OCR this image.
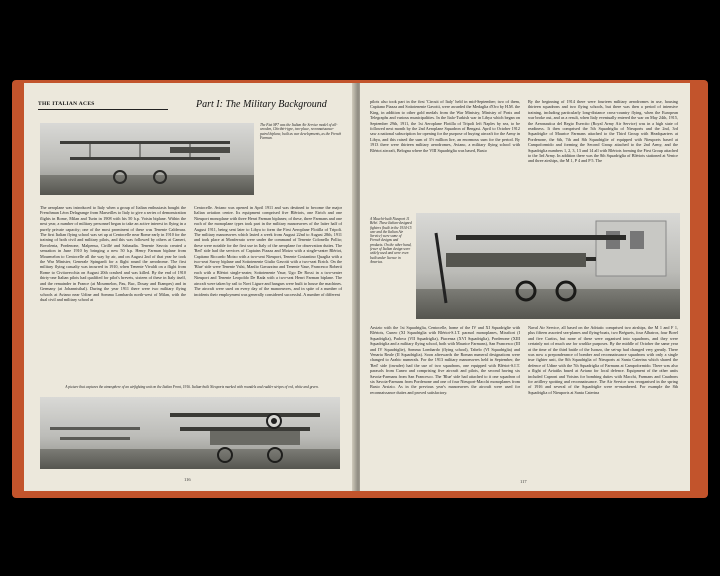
THE ITALIAN ACES	Part I: The Military Background

The Fiat SP7 was the Italian Air Service model of all-wooden, Chiribiri-type, two-place, reconnaissance-patrol biplane, built as war developments, as the French Farman.

The aeroplane was introduced to Italy when a group of Italian enthusiasts bought the Frenchman Léon Delagrange from Marseilles to Italy to give a series of demonstration flights in Rome, Milan and Turin in 1908 with his 50 h.p. Voisin biplane. Within the next year, a number of military personnel began to take an active interest in flying in a purely private capacity; one of the most prominent of these was Tenente Calderara. The first Italian flying school was set up at Centocelle near Rome early in 1910 for the training of both civil and military pilots, and this was followed by others at Cameri, Bovolenta, Pordenone, Malpensa, Cirillé and Sabaudia. Tenente Savoia created a sensation in June 1910 by bringing a new 50 h.p. Henry Farman biplane from Mourmelon to Centocelle all the way by air, and on August 2nd of that year he took the War Minister, Generale Spingardi for a flight round the aerodrome. The first military flying casualty was incurred in 1910, when Tenente Vivaldi on a flight from Rome to Civitavecchia on August 20th crashed and was killed. By the end of 1910 thirty-one Italian pilots had qualified for pilot's brevets, sixteen of these in Italy itself, and the remainder in France (at Mourmelon, Pau, Buc, Douay and Etampes) and in Germany (at Johannisthal). During the year 1911 there were two military flying schools at Aviano near Udine and Somma Lombarda north-west of Milan, with the dual civil and military school at

Centocelle. Aviano was opened in April 1911 and was destined to become the major Italian aviation centre. Its equipment comprised five Blériots, one Etrich and one Nieuport monoplane with three Henri Farman biplanes; of these, three Farmans and one each of the monoplane types took part in the military manoeuvres of the latter half of August 1911, being sent later to Libya to form the First Aeroplane Flotilla of Tripoli. The military manoeuvres which lasted a week from August 22nd to August 28th, 1911 and took place at Monferrato were under the command of Tenente Colonello Pollio; these were notable for the first use in Italy of the aeroplane for observation duties. The 'Red' side had the services of Captains Piazza and Moizo with a single-seater Blériot, Capitano Riccardo Moizo with a two-seat Nieuport, Tenente Costantino Quaglia with a two-seat Savoy biplane and Sottotenente Giulio Gavotti with a two-seat Etrich. On the 'Blue' side were Tenente Valsi, Manlio Gavazzino and Tenente Vaue, Francesco Roberti each with a Blériot single-seater, Sottotenente Vaue, Ugo De Rossi in a two-seater Nieuport and Tenente Leopoldo De Rada with a two-seat Henri Farman biplane. The aircraft were taken by rail to Novi Ligure and hangars were built to house the machines. The aircraft were used on every day of the manoeuvres, and in spite of a number of incidents their employment was generally considered successful. A number of different

A picture that captures the atmosphere of an airfighting unit on the Italian Front, 1916. Italian-built Nieuports marked with roundels and rudder stripes of red, white and green.

116

pilots also took part in the first 'Circuit of Italy' held in mid-September; two of them, Capitano Piazza and Sottotenente Gavotti, were awarded the Medaglia d'Oro by H.M. the King, in addition to other gold medals from the War Ministry, Ministry of Posts and Telegraphs and various municipalities. In the Italo-Turkish war in Libya which began on September 29th, 1911, the 1st Aeroplane Flotilla of Tripoli left Naples by sea, to be followed next month by the 2nd Aeroplane Squadron of Bengasi. April to October 1912 saw a national subscription for opening for the purpose of buying aircraft for the Army in Libya, and this raised the sum of 3½ million lire, an enormous sum for the period. By 1913 there were thirteen military aerodromes, Aviano, a military flying school with Blériot aircraft, Belogna where the VIII Squadriglia was based, Busto

By the beginning of 1914 there were fourteen military aerodromes in use, housing thirteen squadrons and two flying schools, but there was then a period of intensive training, including particularly long-distance cross-country flying, when the European war broke out, and as a result, when Italy eventually entered the war on May 24th, 1915, the Aeronautica del Regio Esercito (Royal Army Air Service) was in a high state of readiness. It then comprised the 5th Squadriglia of Nieuports and the 2nd, 3rd Squadriglie of Maurice Farmans attached to the Third Group with Headquarters at Pordenone, the 6th, 7th and 8th Squadriglie of equipped with Nieuports based at Campoformido and forming the Second Group attached to the 2nd Army, and the Squadriglia numbers 1, 2, 3, 13 and 14 all with Blériots forming the First Group attached to the 3rd Army. In addition there was the 8th Squadriglia of Blériots stationed at Venice and three airships, the M 1, P 4 and P 5. The

A Macchi-built Nieuport 11 Bébé. These Italian-designed fighters (built in the 1914-15 war and the Italian Air Service) were some of French designs and products. On the other hand, fewer of Italian design were widely used and were even built under licence in America.

Arsizio with the 1st Squadriglia, Centocelle, home of the IV and XI Squadriglie with Blériots, Cuneo (XI Squadriglia with Blériot-S.I.T. parasol monoplanes, Mirafiori (I Squadriglia), Padova (VII Squadriglia), Piacenza (XVI Squadriglia), Pordenone (XIII Squadriglia and a military flying school, both with Maurice Farmans), San Francesco (III and IV Squadriglie), Somma Lombardo (flying school), Tabelo (VI Squadriglia) and Venaria Reale (II Squadriglia). Soon afterwards the Roman numeral designations were changed to Arabic numerals. For the 1913 military manoeuvres held in September, the 'Red' side (invader) had the use of two squadrons, one equipped with Blériot-S.I.T. parasols from Cuneo and comprising five aircraft and pilots, the second having six Savoia-Farmans from San Francesco. The 'Blue' side had attached to it one squadron of six Savoia-Farmans from Pordenone and one of four Nieuport-Macchi monoplanes from Busto Arsizio. As in the previous year's manoeuvres the aircraft were used for reconnaissance duties and proved satisfactory.

Naval Air Service, all based on the Adriatic comprised two airships, the M 1 and F 1, plus fifteen assorted sea-planes and flying-boats, two Bréguets, four Albatros, four Borel and five Curtiss, but none of these were organised into squadrons, and they were certainly not of much use for warlike purposes. By the middle of October the same year at the time of the third battle of the Isonzo, the set-up had changed very greatly. There was now a preponderance of bomber and reconnaissance squadrons with only a single true fighter unit, the 8th Squadriglia of Nieuports at Santa Caterina which shared the defence of Udine with the 7th Squadriglia of Farmans at Campoformido. There was also a flight of Aviatiks based at Aviano for local defence. Equipment of the other units included Caproni and Voisins for bombing duties with Macchi, Farmans and Caudrons for artillery spotting and reconnaissance. The Air Service was reorganised in the spring of 1916 and several of the Squadriglie were re-numbered. For example the 8th Squadriglia of Nieuports at Santa Caterina

117
